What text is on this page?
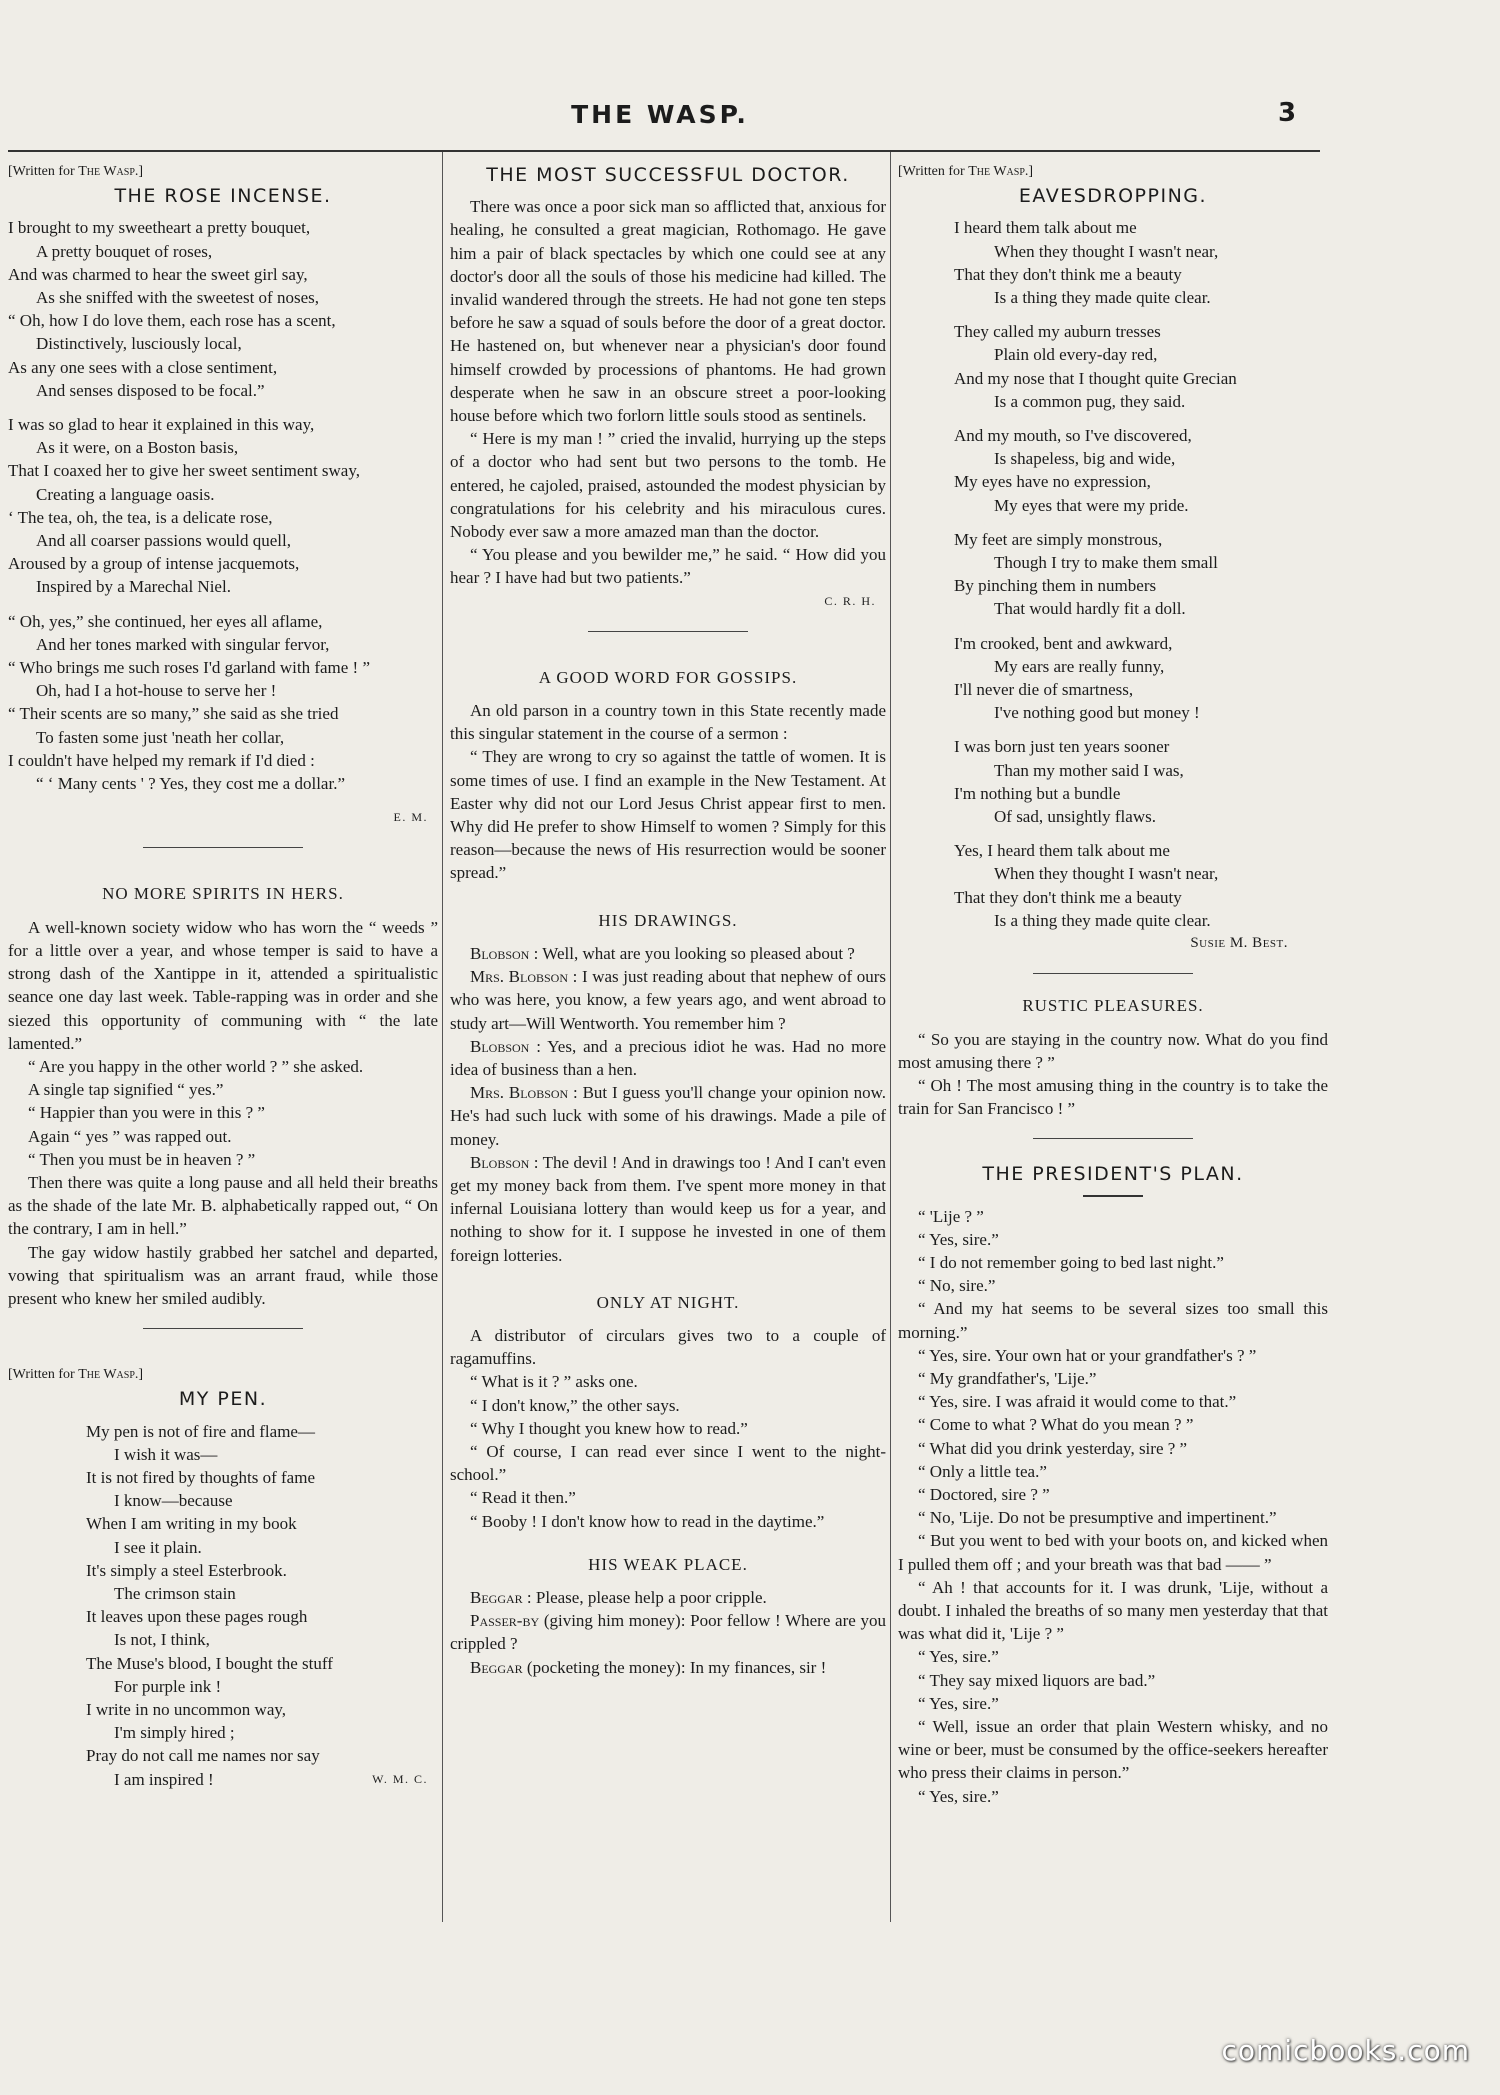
THE WASP.	3

[Written for The Wasp.]

THE ROSE INCENSE.

I brought to my sweetheart a pretty bouquet,

A pretty bouquet of roses,

And was charmed to hear the sweet girl say,

As she sniffed with the sweetest of noses,

“ Oh, how I do love them, each rose has a scent,

Distinctively, lusciously local,

As any one sees with a close sentiment,

And senses disposed to be focal.”

I was so glad to hear it explained in this way,

As it were, on a Boston basis,

That I coaxed her to give her sweet sentiment sway,

Creating a language oasis.

‘ The tea, oh, the tea, is a delicate rose,

And all coarser passions would quell,

Aroused by a group of intense jacquemots,

Inspired by a Marechal Niel.

“ Oh, yes,” she continued, her eyes all aflame,

And her tones marked with singular fervor,

“ Who brings me such roses I'd garland with fame ! ”

Oh, had I a hot-house to serve her !

“ Their scents are so many,” she said as she tried

To fasten some just 'neath her collar,

I couldn't have helped my remark if I'd died :

“ ‘ Many cents ' ? Yes, they cost me a dollar.”

E. M.
NO MORE SPIRITS IN HERS.

A well-known society widow who has worn the “ weeds ” for a little over a year, and whose temper is said to have a strong dash of the Xantippe in it, attended a spiritualistic seance one day last week. Table-rapping was in order and she siezed this opportunity of communing with “ the late lamented.”

“ Are you happy in the other world ? ” she asked.

A single tap signified “ yes.”

“ Happier than you were in this ? ”

Again “ yes ” was rapped out.

“ Then you must be in heaven ? ”

Then there was quite a long pause and all held their breaths as the shade of the late Mr. B. alphabetically rapped out, “ On the contrary, I am in hell.”

The gay widow hastily grabbed her satchel and departed, vowing that spiritualism was an arrant fraud, while those present who knew her smiled audibly.

[Written for The Wasp.]

MY PEN.

My pen is not of fire and flame—

I wish it was—

It is not fired by thoughts of fame

I know—because

When I am writing in my book

I see it plain.

It's simply a steel Esterbrook.

The crimson stain

It leaves upon these pages rough

Is not, I think,

The Muse's blood, I bought the stuff

For purple ink !

I write in no uncommon way,

I'm simply hired ;

Pray do not call me names nor say

I am inspired !	W. M. C.

THE MOST SUCCESSFUL DOCTOR.

There was once a poor sick man so afflicted that, anxious for healing, he consulted a great magician, Rothomago. He gave him a pair of black spectacles by which one could see at any doctor's door all the souls of those his medicine had killed. The invalid wandered through the streets. He had not gone ten steps before he saw a squad of souls before the door of a great doctor. He hastened on, but whenever near a physician's door found himself crowded by processions of phantoms. He had grown desperate when he saw in an obscure street a poor-looking house before which two forlorn little souls stood as sentinels.

“ Here is my man ! ” cried the invalid, hurrying up the steps of a doctor who had sent but two persons to the tomb. He entered, he cajoled, praised, astounded the modest physician by congratulations for his celebrity and his miraculous cures. Nobody ever saw a more amazed man than the doctor.

“ You please and you bewilder me,” he said. “ How did you hear ? I have had but two patients.”

C. R. H.
A GOOD WORD FOR GOSSIPS.

An old parson in a country town in this State recently made this singular statement in the course of a sermon :

“ They are wrong to cry so against the tattle of women. It is some times of use. I find an example in the New Testament. At Easter why did not our Lord Jesus Christ appear first to men. Why did He prefer to show Himself to women ? Simply for this reason—because the news of His resurrection would be sooner spread.”

HIS DRAWINGS.

Blobson : Well, what are you looking so pleased about ?

Mrs. Blobson : I was just reading about that nephew of ours who was here, you know, a few years ago, and went abroad to study art—Will Wentworth. You remember him ?

Blobson : Yes, and a precious idiot he was. Had no more idea of business than a hen.

Mrs. Blobson : But I guess you'll change your opinion now. He's had such luck with some of his drawings. Made a pile of money.

Blobson : The devil ! And in drawings too ! And I can't even get my money back from them. I've spent more money in that infernal Louisiana lottery than would keep us for a year, and nothing to show for it. I suppose he invested in one of them foreign lotteries.

ONLY AT NIGHT.

A distributor of circulars gives two to a couple of ragamuffins.

“ What is it ? ” asks one.

“ I don't know,” the other says.

“ Why I thought you knew how to read.”

“ Of course, I can read ever since I went to the night-school.”

“ Read it then.”

“ Booby ! I don't know how to read in the daytime.”

HIS WEAK PLACE.

Beggar : Please, please help a poor cripple.

Passer-by (giving him money): Poor fellow ! Where are you crippled ?

Beggar (pocketing the money): In my finances, sir !

[Written for The Wasp.]

EAVESDROPPING.

I heard them talk about me

When they thought I wasn't near,

That they don't think me a beauty

Is a thing they made quite clear.

They called my auburn tresses

Plain old every-day red,

And my nose that I thought quite Grecian

Is a common pug, they said.

And my mouth, so I've discovered,

Is shapeless, big and wide,

My eyes have no expression,

My eyes that were my pride.

My feet are simply monstrous,

Though I try to make them small

By pinching them in numbers

That would hardly fit a doll.

I'm crooked, bent and awkward,

My ears are really funny,

I'll never die of smartness,

I've nothing good but money !

I was born just ten years sooner

Than my mother said I was,

I'm nothing but a bundle

Of sad, unsightly flaws.

Yes, I heard them talk about me

When they thought I wasn't near,

That they don't think me a beauty

Is a thing they made quite clear.

Susie M. Best.
RUSTIC PLEASURES.

“ So you are staying in the country now. What do you find most amusing there ? ”

“ Oh ! The most amusing thing in the country is to take the train for San Francisco ! ”

THE PRESIDENT'S PLAN.

“ 'Lije ? ”

“ Yes, sire.”

“ I do not remember going to bed last night.”

“ No, sire.”

“ And my hat seems to be several sizes too small this morning.”

“ Yes, sire. Your own hat or your grandfather's ? ”

“ My grandfather's, 'Lije.”

“ Yes, sire. I was afraid it would come to that.”

“ Come to what ? What do you mean ? ”

“ What did you drink yesterday, sire ? ”

“ Only a little tea.”

“ Doctored, sire ? ”

“ No, 'Lije. Do not be presumptive and impertinent.”

“ But you went to bed with your boots on, and kicked when I pulled them off ; and your breath was that bad —— ”

“ Ah ! that accounts for it. I was drunk, 'Lije, without a doubt. I inhaled the breaths of so many men yesterday that that was what did it, 'Lije ? ”

“ Yes, sire.”

“ They say mixed liquors are bad.”

“ Yes, sire.”

“ Well, issue an order that plain Western whisky, and no wine or beer, must be consumed by the office-seekers hereafter who press their claims in person.”

“ Yes, sire.”

comicbooks.com
